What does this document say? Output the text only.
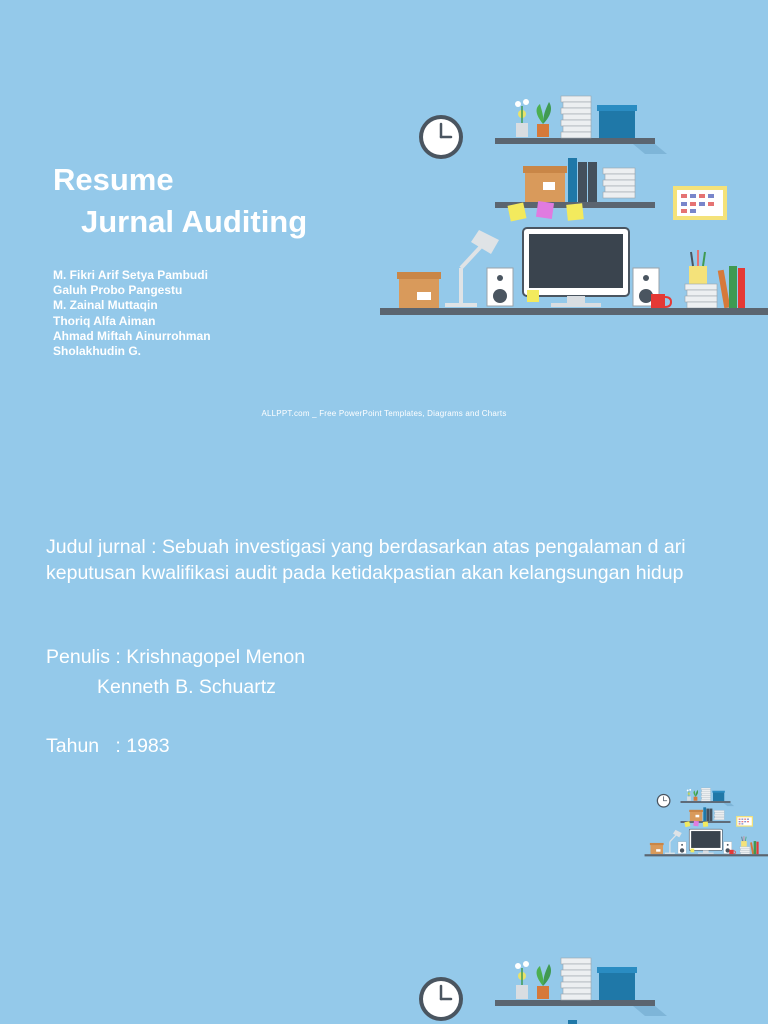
Resume
Jurnal Auditing
M. Fikri Arif Setya Pambudi
Galuh Probo Pangestu
M. Zainal Muttaqin
Thoriq Alfa Aiman
Ahmad Miftah Ainurrohman
Sholakhudin G.
ALLPPT.com _ Free PowerPoint Templates, Diagrams and Charts
Judul jurnal : Sebuah investigasi yang berdasarkan atas pengalaman d ari keputusan kwalifikasi audit pada ketidakpastian akan kelangsungan hidup
Penulis : Krishnagopel Menon
Kenneth B. Schuartz
Tahun   : 1983
